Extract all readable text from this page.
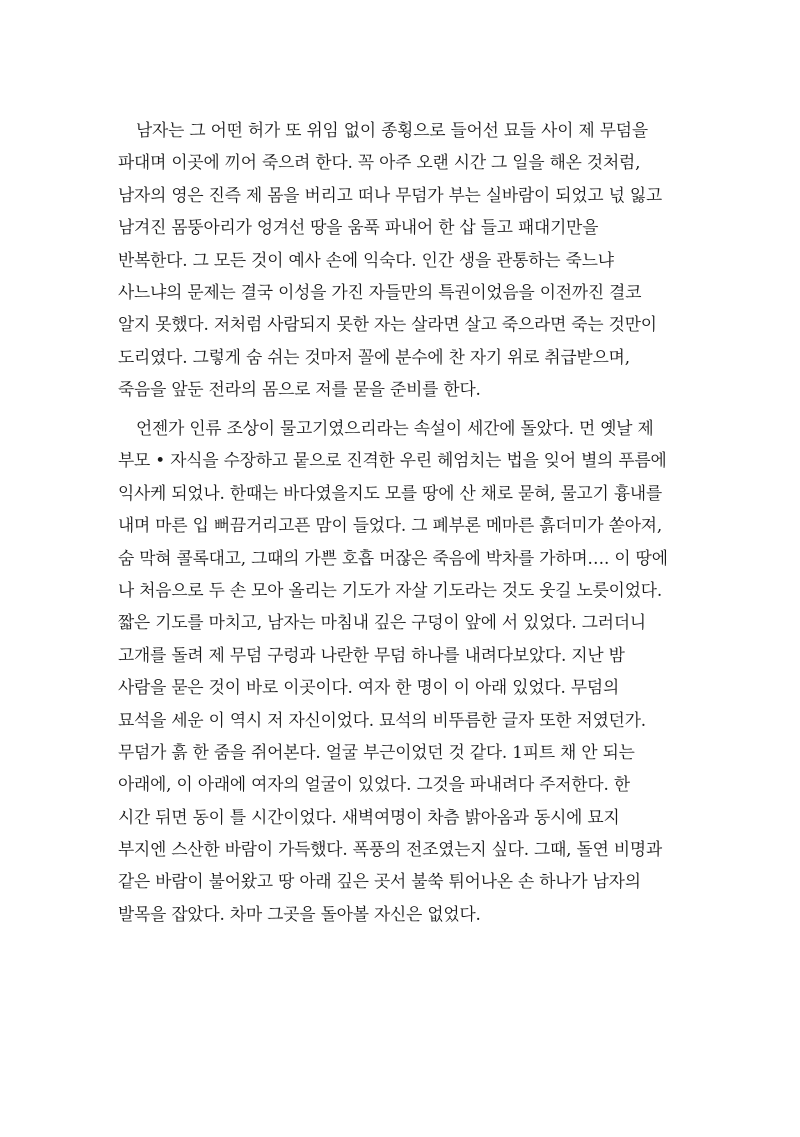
남자는 그 어떤 허가 또 위임 없이 종횡으로 들어선 묘들 사이 제 무덤을
파대며 이곳에 끼어 죽으려 한다. 꼭 아주 오랜 시간 그 일을 해온 것처럼,
남자의 영은 진즉 제 몸을 버리고 떠나 무덤가 부는 실바람이 되었고 넋 잃고
남겨진 몸뚱아리가 엉겨선 땅을 움푹 파내어 한 삽 들고 패대기만을
반복한다. 그 모든 것이 예사 손에 익숙다. 인간 생을 관통하는 죽느냐
사느냐의 문제는 결국 이성을 가진 자들만의 특권이었음을 이전까진 결코
알지 못했다. 저처럼 사람되지 못한 자는 살라면 살고 죽으라면 죽는 것만이
도리였다. 그렇게 숨 쉬는 것마저 꼴에 분수에 찬 자기 위로 취급받으며,
죽음을 앞둔 전라의 몸으로 저를 묻을 준비를 한다.
언젠가 인류 조상이 물고기였으리라는 속설이 세간에 돌았다. 먼 옛날 제
부모 • 자식을 수장하고 뭍으로 진격한 우린 헤엄치는 법을 잊어 별의 푸름에
익사케 되었나. 한때는 바다였을지도 모를 땅에 산 채로 묻혀, 물고기 흉내를
내며 마른 입 뻐끔거리고픈 맘이 들었다. 그 폐부론 메마른 흙더미가 쏟아져,
숨 막혀 콜록대고, 그때의 가쁜 호흡 머잖은 죽음에 박차를 가하며…. 이 땅에
나 처음으로 두 손 모아 올리는 기도가 자살 기도라는 것도 웃길 노릇이었다.
짧은 기도를 마치고, 남자는 마침내 깊은 구덩이 앞에 서 있었다. 그러더니
고개를 돌려 제 무덤 구렁과 나란한 무덤 하나를 내려다보았다. 지난 밤
사람을 묻은 것이 바로 이곳이다. 여자 한 명이 이 아래 있었다. 무덤의
묘석을 세운 이 역시 저 자신이었다. 묘석의 비뚜름한 글자 또한 저였던가.
무덤가 흙 한 줌을 쥐어본다. 얼굴 부근이었던 것 같다. 1피트 채 안 되는
아래에, 이 아래에 여자의 얼굴이 있었다. 그것을 파내려다 주저한다. 한
시간 뒤면 동이 틀 시간이었다. 새벽여명이 차츰 밝아옴과 동시에 묘지
부지엔 스산한 바람이 가득했다. 폭풍의 전조였는지 싶다. 그때, 돌연 비명과
같은 바람이 불어왔고 땅 아래 깊은 곳서 불쑥 튀어나온 손 하나가 남자의
발목을 잡았다. 차마 그곳을 돌아볼 자신은 없었다.
